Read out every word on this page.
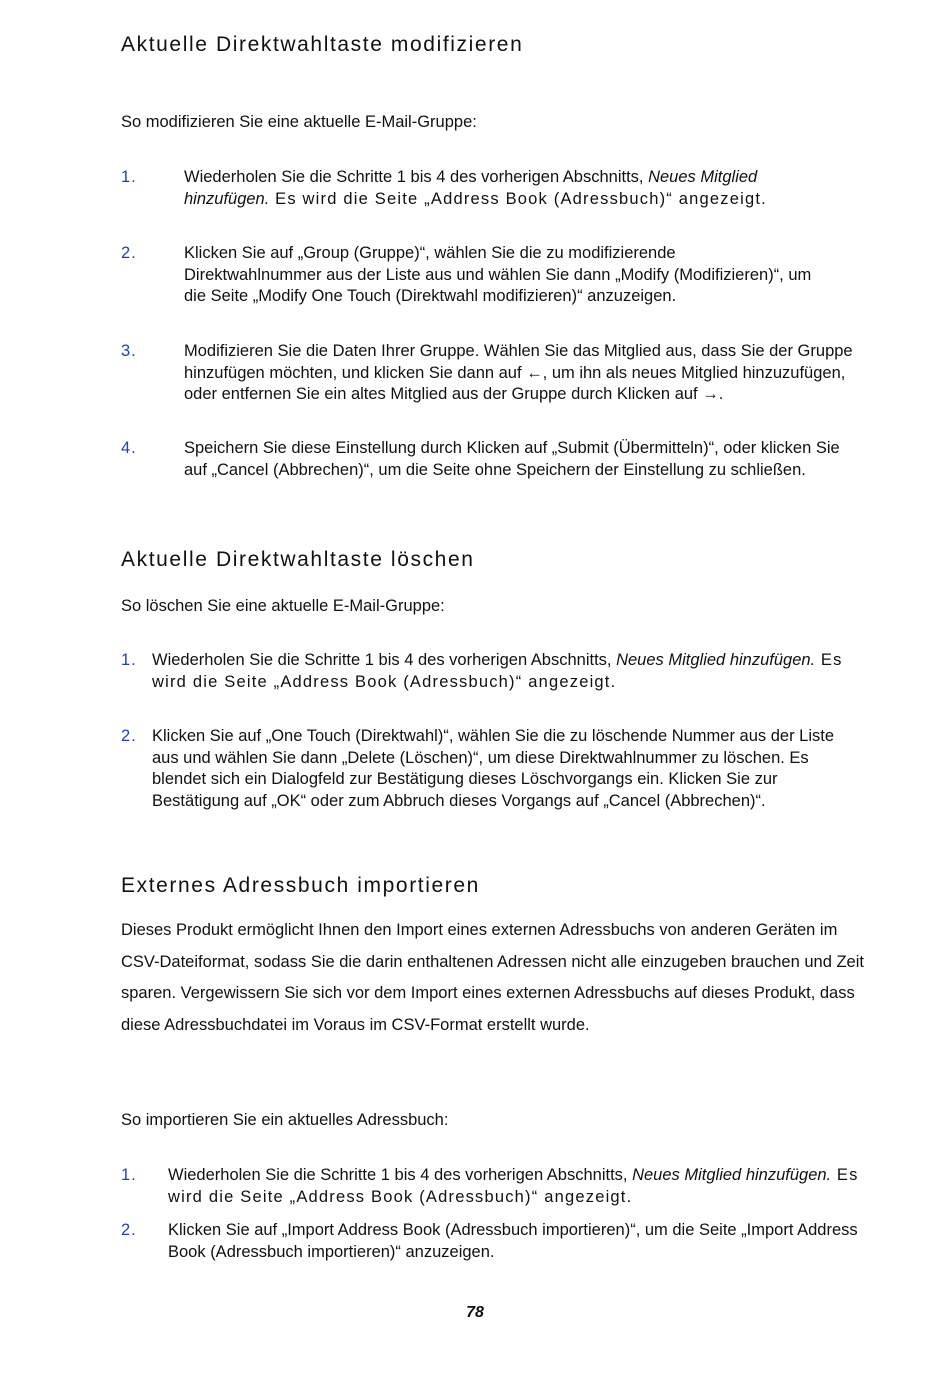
Aktuelle Direktwahltaste modifizieren
So modifizieren Sie eine aktuelle E-Mail-Gruppe:
1.	Wiederholen Sie die Schritte 1 bis 4 des vorherigen Abschnitts, Neues Mitglied hinzufügen. Es wird die Seite „Address Book (Adressbuch)“ angezeigt.
2.	Klicken Sie auf „Group (Gruppe)“, wählen Sie die zu modifizierende Direktwahlnummer aus der Liste aus und wählen Sie dann „Modify (Modifizieren)“, um die Seite „Modify One Touch (Direktwahl modifizieren)“ anzuzeigen.
3.	Modifizieren Sie die Daten Ihrer Gruppe. Wählen Sie das Mitglied aus, dass Sie der Gruppe hinzufügen möchten, und klicken Sie dann auf ←, um ihn als neues Mitglied hinzuzufügen, oder entfernen Sie ein altes Mitglied aus der Gruppe durch Klicken auf →.
4.	Speichern Sie diese Einstellung durch Klicken auf „Submit (Übermitteln)“, oder klicken Sie auf „Cancel (Abbrechen)“, um die Seite ohne Speichern der Einstellung zu schließen.
Aktuelle Direktwahltaste löschen
So löschen Sie eine aktuelle E-Mail-Gruppe:
1. Wiederholen Sie die Schritte 1 bis 4 des vorherigen Abschnitts, Neues Mitglied hinzufügen. Es wird die Seite „Address Book (Adressbuch)“ angezeigt.
2. Klicken Sie auf „One Touch (Direktwahl)“, wählen Sie die zu löschende Nummer aus der Liste aus und wählen Sie dann „Delete (Löschen)“, um diese Direktwahlnummer zu löschen. Es blendet sich ein Dialogfeld zur Bestätigung dieses Löschvorgangs ein. Klicken Sie zur Bestätigung auf „OK“ oder zum Abbruch dieses Vorgangs auf „Cancel (Abbrechen)“.
Externes Adressbuch importieren
Dieses Produkt ermöglicht Ihnen den Import eines externen Adressbuchs von anderen Geräten im CSV-Dateiformat, sodass Sie die darin enthaltenen Adressen nicht alle einzugeben brauchen und Zeit sparen. Vergewissern Sie sich vor dem Import eines externen Adressbuchs auf dieses Produkt, dass diese Adressbuchdatei im Voraus im CSV-Format erstellt wurde.
So importieren Sie ein aktuelles Adressbuch:
1. Wiederholen Sie die Schritte 1 bis 4 des vorherigen Abschnitts, Neues Mitglied hinzufügen. Es wird die Seite „Address Book (Adressbuch)“ angezeigt.
2. Klicken Sie auf „Import Address Book (Adressbuch importieren)“, um die Seite „Import Address Book (Adressbuch importieren)“ anzuzeigen.
78
